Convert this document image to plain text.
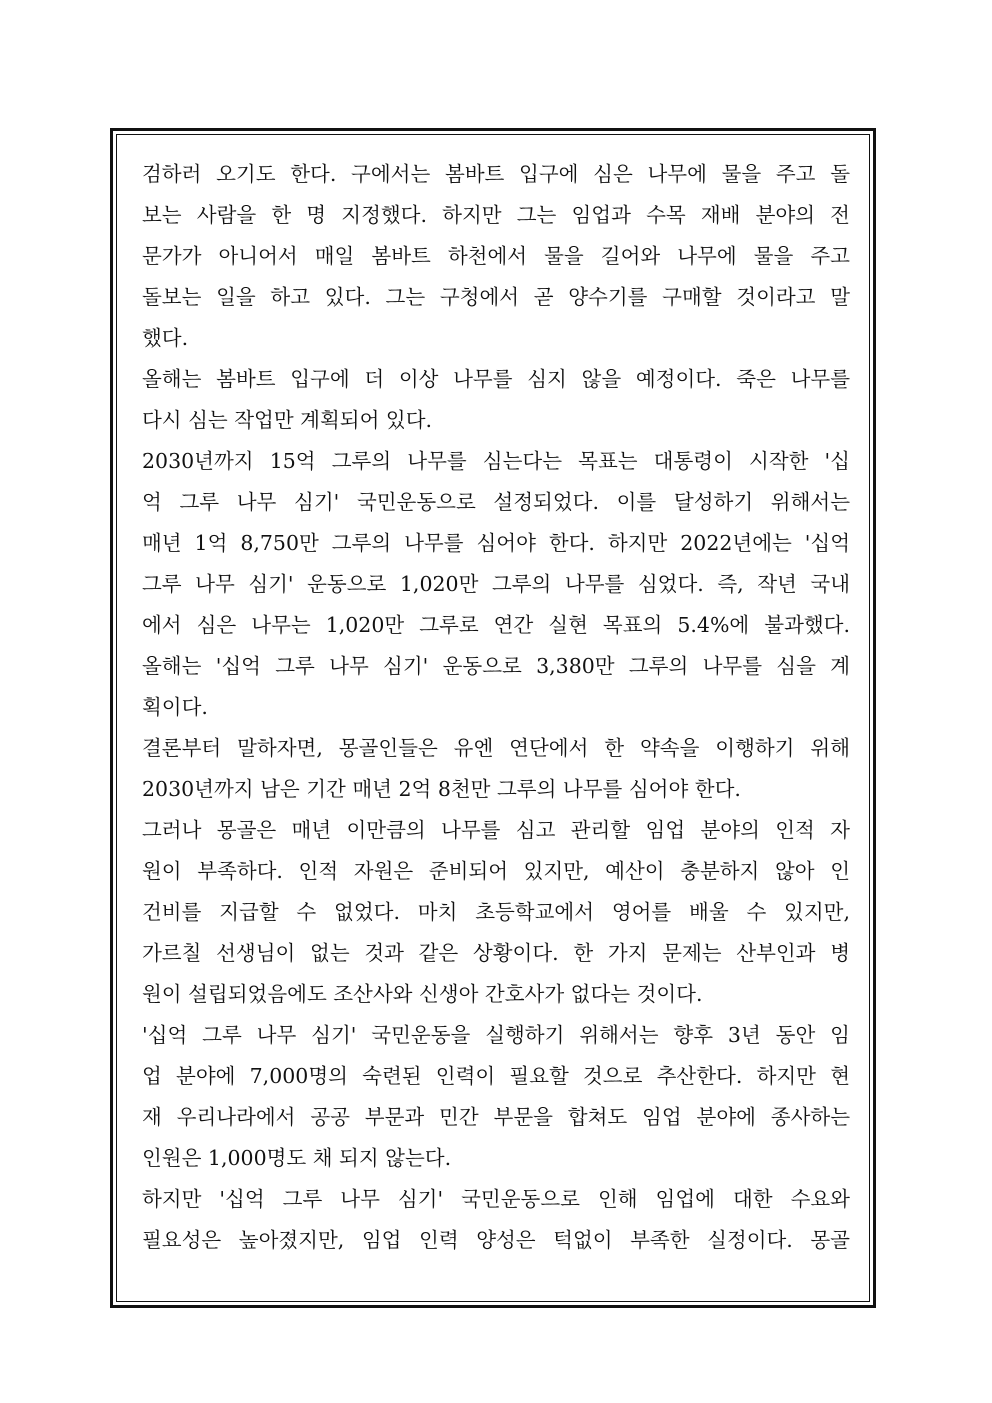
검하러 오기도 한다. 구에서는 봄바트 입구에 심은 나무에 물을 주고 돌
보는 사람을 한 명 지정했다. 하지만 그는 임업과 수목 재배 분야의 전
문가가 아니어서 매일 봄바트 하천에서 물을 길어와 나무에 물을 주고
돌보는 일을 하고 있다. 그는 구청에서 곧 양수기를 구매할 것이라고 말
했다.
올해는 봄바트 입구에 더 이상 나무를 심지 않을 예정이다. 죽은 나무를
다시 심는 작업만 계획되어 있다.
2030년까지 15억 그루의 나무를 심는다는 목표는 대통령이 시작한 '십
억 그루 나무 심기' 국민운동으로 설정되었다. 이를 달성하기 위해서는
매년 1억 8,750만 그루의 나무를 심어야 한다. 하지만 2022년에는 '십억
그루 나무 심기' 운동으로 1,020만 그루의 나무를 심었다. 즉, 작년 국내
에서 심은 나무는 1,020만 그루로 연간 실현 목표의 5.4%에 불과했다.
올해는 '십억 그루 나무 심기' 운동으로 3,380만 그루의 나무를 심을 계
획이다.
결론부터 말하자면, 몽골인들은 유엔 연단에서 한 약속을 이행하기 위해
2030년까지 남은 기간 매년 2억 8천만 그루의 나무를 심어야 한다.
그러나 몽골은 매년 이만큼의 나무를 심고 관리할 임업 분야의 인적 자
원이 부족하다. 인적 자원은 준비되어 있지만, 예산이 충분하지 않아 인
건비를 지급할 수 없었다. 마치 초등학교에서 영어를 배울 수 있지만,
가르칠 선생님이 없는 것과 같은 상황이다. 한 가지 문제는 산부인과 병
원이 설립되었음에도 조산사와 신생아 간호사가 없다는 것이다.
'십억 그루 나무 심기' 국민운동을 실행하기 위해서는 향후 3년 동안 임
업 분야에 7,000명의 숙련된 인력이 필요할 것으로 추산한다. 하지만 현
재 우리나라에서 공공 부문과 민간 부문을 합쳐도 임업 분야에 종사하는
인원은 1,000명도 채 되지 않는다.
하지만 '십억 그루 나무 심기' 국민운동으로 인해 임업에 대한 수요와
필요성은 높아졌지만, 임업 인력 양성은 턱없이 부족한 실정이다. 몽골
